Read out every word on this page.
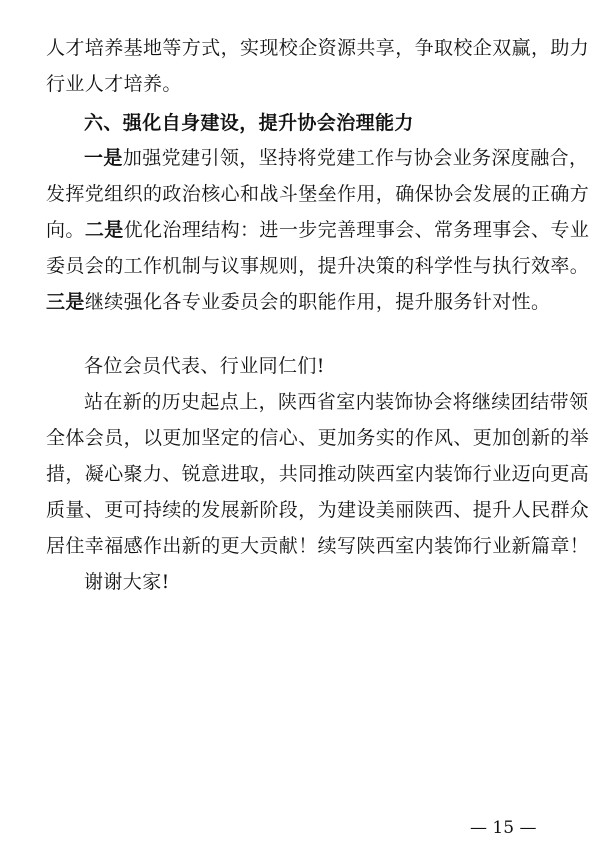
人才培养基地等方式，实现校企资源共享，争取校企双赢，助力
行业人才培养。
六、强化自身建设，提升协会治理能力
一是加强党建引领，坚持将党建工作与协会业务深度融合，
发挥党组织的政治核心和战斗堡垒作用，确保协会发展的正确方
向。二是优化治理结构：进一步完善理事会、常务理事会、专业
委员会的工作机制与议事规则，提升决策的科学性与执行效率。
三是继续强化各专业委员会的职能作用，提升服务针对性。
各位会员代表、行业同仁们!
站在新的历史起点上，陕西省室内装饰协会将继续团结带领
全体会员，以更加坚定的信心、更加务实的作风、更加创新的举
措，凝心聚力、锐意进取，共同推动陕西室内装饰行业迈向更高
质量、更可持续的发展新阶段，为建设美丽陕西、提升人民群众
居住幸福感作出新的更大贡献！续写陕西室内装饰行业新篇章！
谢谢大家!
— 15 —
